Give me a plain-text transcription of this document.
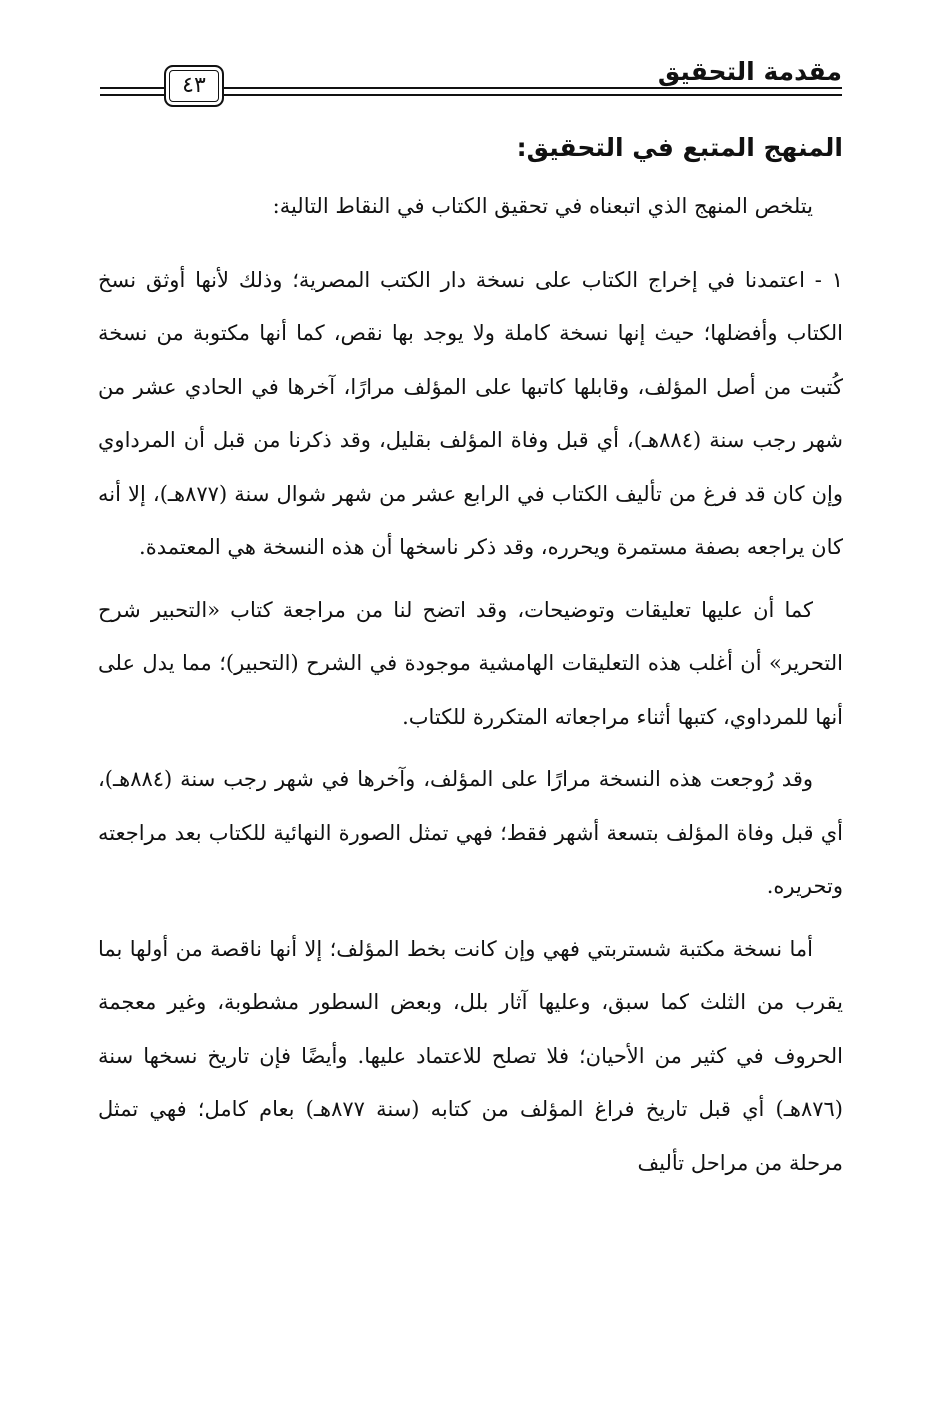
مقدمة التحقيق
٤٣
المنهج المتبع في التحقيق:

يتلخص المنهج الذي اتبعناه في تحقيق الكتاب في النقاط التالية:

١ - اعتمدنا في إخراج الكتاب على نسخة دار الكتب المصرية؛ وذلك لأنها أوثق نسخ الكتاب وأفضلها؛ حيث إنها نسخة كاملة ولا يوجد بها نقص، كما أنها مكتوبة من نسخة كُتبت من أصل المؤلف، وقابلها كاتبها على المؤلف مرارًا، آخرها في الحادي عشر من شهر رجب سنة (٨٨٤هـ)، أي قبل وفاة المؤلف بقليل، وقد ذكرنا من قبل أن المرداوي وإن كان قد فرغ من تأليف الكتاب في الرابع عشر من شهر شوال سنة (٨٧٧هـ)، إلا أنه كان يراجعه بصفة مستمرة ويحرره، وقد ذكر ناسخها أن هذه النسخة هي المعتمدة.

كما أن عليها تعليقات وتوضيحات، وقد اتضح لنا من مراجعة كتاب «التحبير شرح التحرير» أن أغلب هذه التعليقات الهامشية موجودة في الشرح (التحبير)؛ مما يدل على أنها للمرداوي، كتبها أثناء مراجعاته المتكررة للكتاب.

وقد رُوجعت هذه النسخة مرارًا على المؤلف، وآخرها في شهر رجب سنة (٨٨٤هـ)، أي قبل وفاة المؤلف بتسعة أشهر فقط؛ فهي تمثل الصورة النهائية للكتاب بعد مراجعته وتحريره.

أما نسخة مكتبة شستربتي فهي وإن كانت بخط المؤلف؛ إلا أنها ناقصة من أولها بما يقرب من الثلث كما سبق، وعليها آثار بلل، وبعض السطور مشطوبة، وغير معجمة الحروف في كثير من الأحيان؛ فلا تصلح للاعتماد عليها. وأيضًا فإن تاريخ نسخها سنة (٨٧٦هـ) أي قبل تاريخ فراغ المؤلف من كتابه (سنة ٨٧٧هـ) بعام كامل؛ فهي تمثل مرحلة من مراحل تأليف
